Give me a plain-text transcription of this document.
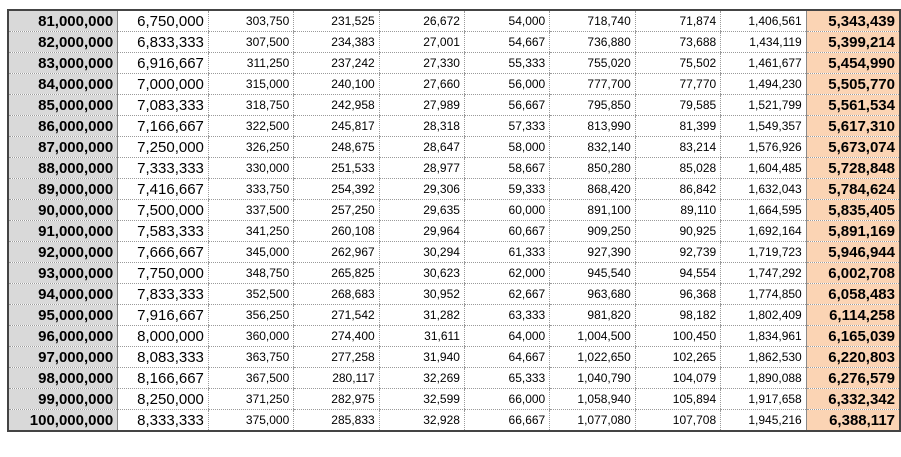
81,000,000	6,750,000	303,750	231,525	26,672	54,000	718,740	71,874	1,406,561	5,343,439
82,000,000	6,833,333	307,500	234,383	27,001	54,667	736,880	73,688	1,434,119	5,399,214
83,000,000	6,916,667	311,250	237,242	27,330	55,333	755,020	75,502	1,461,677	5,454,990
84,000,000	7,000,000	315,000	240,100	27,660	56,000	777,700	77,770	1,494,230	5,505,770
85,000,000	7,083,333	318,750	242,958	27,989	56,667	795,850	79,585	1,521,799	5,561,534
86,000,000	7,166,667	322,500	245,817	28,318	57,333	813,990	81,399	1,549,357	5,617,310
87,000,000	7,250,000	326,250	248,675	28,647	58,000	832,140	83,214	1,576,926	5,673,074
88,000,000	7,333,333	330,000	251,533	28,977	58,667	850,280	85,028	1,604,485	5,728,848
89,000,000	7,416,667	333,750	254,392	29,306	59,333	868,420	86,842	1,632,043	5,784,624
90,000,000	7,500,000	337,500	257,250	29,635	60,000	891,100	89,110	1,664,595	5,835,405
91,000,000	7,583,333	341,250	260,108	29,964	60,667	909,250	90,925	1,692,164	5,891,169
92,000,000	7,666,667	345,000	262,967	30,294	61,333	927,390	92,739	1,719,723	5,946,944
93,000,000	7,750,000	348,750	265,825	30,623	62,000	945,540	94,554	1,747,292	6,002,708
94,000,000	7,833,333	352,500	268,683	30,952	62,667	963,680	96,368	1,774,850	6,058,483
95,000,000	7,916,667	356,250	271,542	31,282	63,333	981,820	98,182	1,802,409	6,114,258
96,000,000	8,000,000	360,000	274,400	31,611	64,000	1,004,500	100,450	1,834,961	6,165,039
97,000,000	8,083,333	363,750	277,258	31,940	64,667	1,022,650	102,265	1,862,530	6,220,803
98,000,000	8,166,667	367,500	280,117	32,269	65,333	1,040,790	104,079	1,890,088	6,276,579
99,000,000	8,250,000	371,250	282,975	32,599	66,000	1,058,940	105,894	1,917,658	6,332,342
100,000,000	8,333,333	375,000	285,833	32,928	66,667	1,077,080	107,708	1,945,216	6,388,117
